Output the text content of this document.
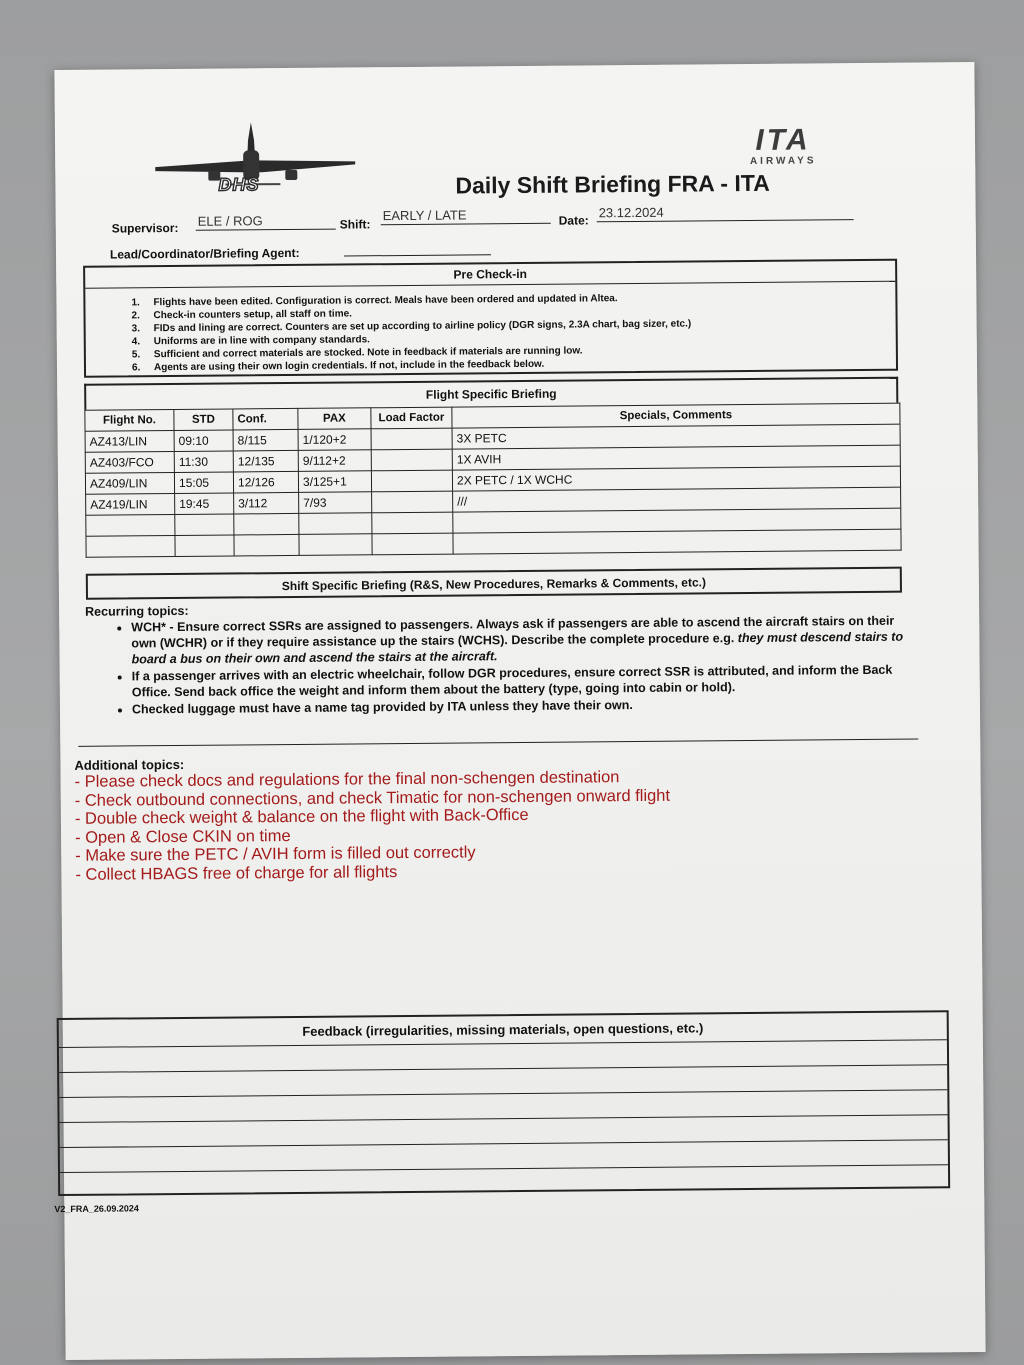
DHS
ITA
AIRWAYS
Daily Shift Briefing FRA - ITA
Supervisor: ELE / ROG	Shift:
EARLY / LATE	Date:
23.12.2024
Lead/Coordinator/Briefing Agent:
Pre Check-in
1. Flights have been edited. Configuration is correct. Meals have been ordered and updated in Altea.
2. Check-in counters setup, all staff on time.
3. FIDs and lining are correct. Counters are set up according to airline policy (DGR signs, 2.3A chart, bag sizer, etc.)
4. Uniforms are in line with company standards.
5. Sufficient and correct materials are stocked. Note in feedback if materials are running low.
6. Agents are using their own login credentials. If not, include in the feedback below.
Flight Specific Briefing
Flight No.	STD	Conf.	PAX	Load Factor	Specials, Comments
AZ413/LIN	09:10	8/115	1/120+2		3X PETC
AZ403/FCO	11:30	12/135	9/112+2		1X AVIH
AZ409/LIN	15:05	12/126	3/125+1		2X PETC / 1X WCHC
AZ419/LIN	19:45	3/112	7/93		///

Shift Specific Briefing (R&S, New Procedures, Remarks & Comments, etc.)
Recurring topics:
• WCH* - Ensure correct SSRs are assigned to passengers. Always ask if passengers are able to ascend the aircraft stairs on their own (WCHR) or if they require assistance up the stairs (WCHS). Describe the complete procedure e.g. they must descend stairs to board a bus on their own and ascend the stairs at the aircraft.
• If a passenger arrives with an electric wheelchair, follow DGR procedures, ensure correct SSR is attributed, and inform the Back Office. Send back office the weight and inform them about the battery (type, going into cabin or hold).
• Checked luggage must have a name tag provided by ITA unless they have their own.
Additional topics:
- Please check docs and regulations for the final non-schengen destination
- Check outbound connections, and check Timatic for non-schengen onward flight
- Double check weight & balance on the flight with Back-Office
- Open & Close CKIN on time
- Make sure the PETC / AVIH form is filled out correctly
- Collect HBAGS free of charge for all flights
Feedback (irregularities, missing materials, open questions, etc.)
V2_FRA_26.09.2024
